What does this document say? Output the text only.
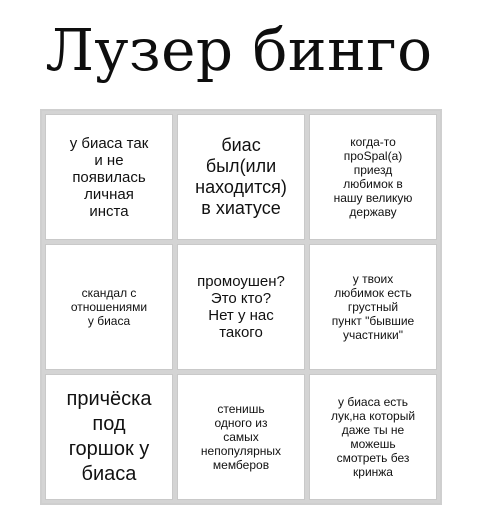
Лузер бинго
у биаса так
и не
появилась
личная
инста
биас
был(или
находится)
в хиатусе
когда-то
проSpal(а)
приезд
любимок в
нашу великую
державу
скандал с
отношениями
у биаса
промоушен?
Это кто?
Нет у нас
такого
у твоих
любимок есть
грустный
пункт "бывшие
участники"
причёска
под
горшок у
биаса
стенишь
одного из
самых
непопулярных
мемберов
у биаса есть
лук,на который
даже ты не
можешь
смотреть без
кринжа
